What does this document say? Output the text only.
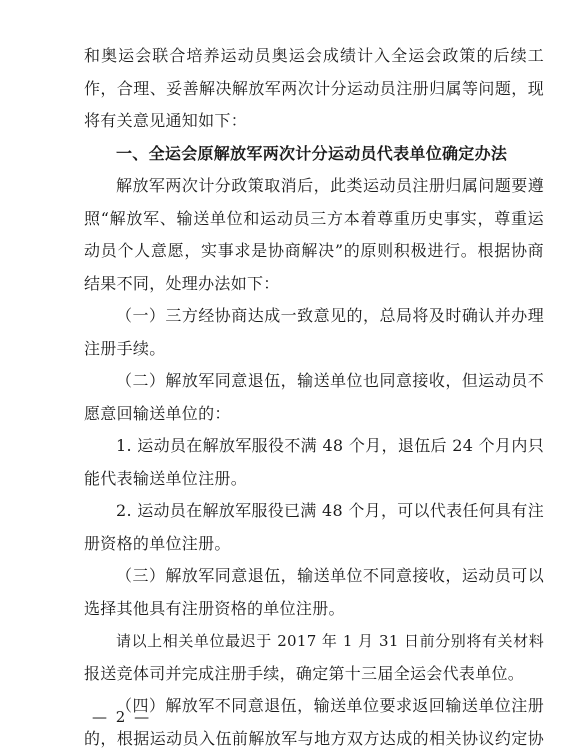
和奥运会联合培养运动员奥运会成绩计入全运会政策的后续工
作，合理、妥善解决解放军两次计分运动员注册归属等问题，现
将有关意见通知如下：
一、全运会原解放军两次计分运动员代表单位确定办法
解放军两次计分政策取消后，此类运动员注册归属问题要遵
照“解放军、输送单位和运动员三方本着尊重历史事实，尊重运
动员个人意愿，实事求是协商解决”的原则积极进行。根据协商
结果不同，处理办法如下：
（一）三方经协商达成一致意见的，总局将及时确认并办理
注册手续。
（二）解放军同意退伍，输送单位也同意接收，但运动员不
愿意回输送单位的：
1. 运动员在解放军服役不满 48 个月，退伍后 24 个月内只
能代表输送单位注册。
2. 运动员在解放军服役已满 48 个月，可以代表任何具有注
册资格的单位注册。
（三）解放军同意退伍，输送单位不同意接收，运动员可以
选择其他具有注册资格的单位注册。
请以上相关单位最迟于 2017 年 1 月 31 日前分别将有关材料
报送竞体司并完成注册手续，确定第十三届全运会代表单位。
（四）解放军不同意退伍，输送单位要求返回输送单位注册
的，根据运动员入伍前解放军与地方双方达成的相关协议约定协
— 2 —
